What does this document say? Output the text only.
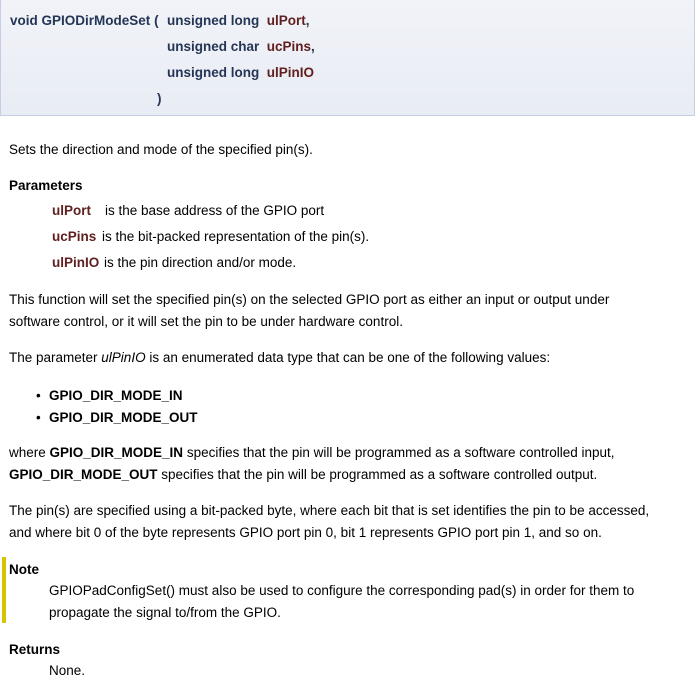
void GPIODirModeSet ( unsigned long ulPort,
unsigned char ucPins,
unsigned long ulPinIO
)
Sets the direction and mode of the specified pin(s).
Parameters
ulPort is the base address of the GPIO port
ucPins is the bit-packed representation of the pin(s).
ulPinIO is the pin direction and/or mode.
This function will set the specified pin(s) on the selected GPIO port as either an input or output under
software control, or it will set the pin to be under hardware control.
The parameter ulPinIO is an enumerated data type that can be one of the following values:
• GPIO_DIR_MODE_IN
• GPIO_DIR_MODE_OUT
where GPIO_DIR_MODE_IN specifies that the pin will be programmed as a software controlled input,
GPIO_DIR_MODE_OUT specifies that the pin will be programmed as a software controlled output.
The pin(s) are specified using a bit-packed byte, where each bit that is set identifies the pin to be accessed,
and where bit 0 of the byte represents GPIO port pin 0, bit 1 represents GPIO port pin 1, and so on.
Note
GPIOPadConfigSet() must also be used to configure the corresponding pad(s) in order for them to
propagate the signal to/from the GPIO.
Returns
None.
